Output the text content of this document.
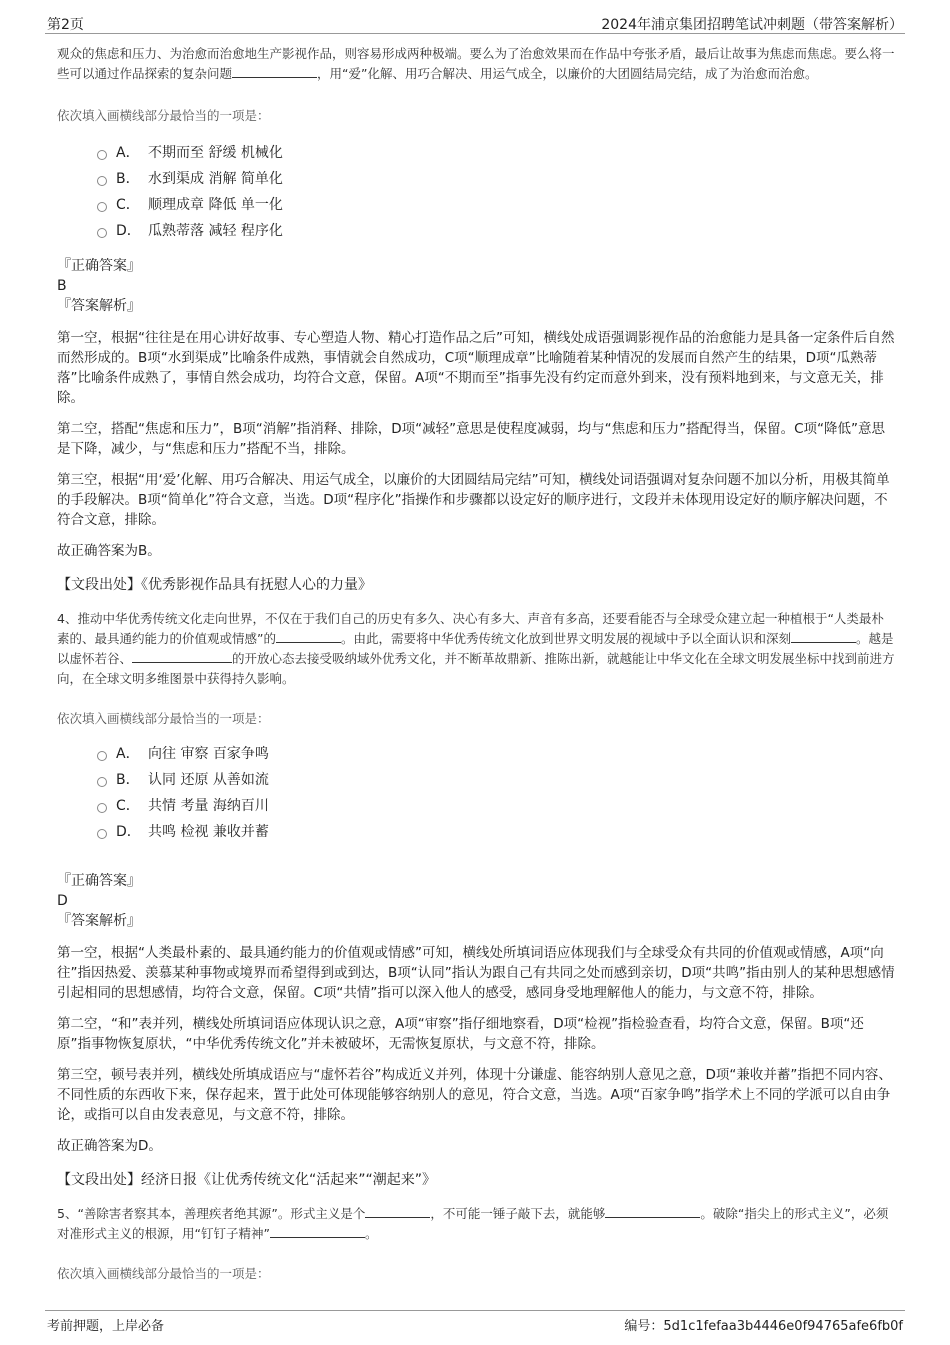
第2页	2024年浦京集团招聘笔试冲刺题（带答案解析）
观众的焦虑和压力、为治愈而治愈地生产影视作品，则容易形成两种极端。要么为了治愈效果而在作品中夸张矛盾，最后让故事为焦虑而焦虑。要么将一些可以通过作品探索的复杂问题	，用“爱”化解、用巧合解决、用运气成全，以廉价的大团圆结局完结，成了为治愈而治愈。
依次填入画横线部分最恰当的一项是：
A． 不期而至 舒缓 机械化
B． 水到渠成 消解 简单化
C． 顺理成章 降低 单一化
D． 瓜熟蒂落 减轻 程序化
『正确答案』
B
『答案解析』
第一空，根据“往往是在用心讲好故事、专心塑造人物、精心打造作品之后”可知，横线处成语强调影视作品的治愈能力是具备一定条件后自然而然形成的。B项“水到渠成”比喻条件成熟，事情就会自然成功，C项“顺理成章”比喻随着某种情况的发展而自然产生的结果，D项“瓜熟蒂落”比喻条件成熟了，事情自然会成功，均符合文意，保留。A项“不期而至”指事先没有约定而意外到来，没有预料地到来，与文意无关，排除。
第二空，搭配“焦虑和压力”，B项“消解”指消释、排除，D项“减轻”意思是使程度减弱，均与“焦虑和压力”搭配得当，保留。C项“降低”意思是下降，减少，与“焦虑和压力”搭配不当，排除。
第三空，根据“用‘爱’化解、用巧合解决、用运气成全，以廉价的大团圆结局完结”可知，横线处词语强调对复杂问题不加以分析，用极其简单的手段解决。B项“简单化”符合文意，当选。D项“程序化”指操作和步骤都以设定好的顺序进行，文段并未体现用设定好的顺序解决问题，不符合文意，排除。
故正确答案为B。
【文段出处】《优秀影视作品具有抚慰人心的力量》
4、推动中华优秀传统文化走向世界，不仅在于我们自己的历史有多久、决心有多大、声音有多高，还要看能否与全球受众建立起一种植根于“人类最朴素的、最具通约能力的价值观或情感”的	。由此，需要将中华优秀传统文化放到世界文明发展的视域中予以全面认识和深刻	。越是以虚怀若谷、	的开放心态去接受吸纳域外优秀文化，并不断革故鼎新、推陈出新，就越能让中华文化在全球文明发展坐标中找到前进方向，在全球文明多维图景中获得持久影响。
依次填入画横线部分最恰当的一项是：
A． 向往 审察 百家争鸣
B． 认同 还原 从善如流
C． 共情 考量 海纳百川
D． 共鸣 检视 兼收并蓄
『正确答案』
D
『答案解析』
第一空，根据“人类最朴素的、最具通约能力的价值观或情感”可知，横线处所填词语应体现我们与全球受众有共同的价值观或情感，A项“向往”指因热爱、羡慕某种事物或境界而希望得到或到达，B项“认同”指认为跟自己有共同之处而感到亲切，D项“共鸣”指由别人的某种思想感情引起相同的思想感情，均符合文意，保留。C项“共情”指可以深入他人的感受，感同身受地理解他人的能力，与文意不符，排除。
第二空，“和”表并列，横线处所填词语应体现认识之意，A项“审察”指仔细地察看，D项“检视”指检验查看，均符合文意，保留。B项“还原”指事物恢复原状，“中华优秀传统文化”并未被破坏，无需恢复原状，与文意不符，排除。
第三空，顿号表并列，横线处所填成语应与“虚怀若谷”构成近义并列，体现十分谦虚、能容纳别人意见之意，D项“兼收并蓄”指把不同内容、不同性质的东西收下来，保存起来，置于此处可体现能够容纳别人的意见，符合文意，当选。A项“百家争鸣”指学术上不同的学派可以自由争论，或指可以自由发表意见，与文意不符，排除。
故正确答案为D。
【文段出处】经济日报《让优秀传统文化“活起来”“潮起来”》
5、“善除害者察其本，善理疾者绝其源”。形式主义是个	，不可能一锤子敲下去，就能够	。破除“指尖上的形式主义”，必须对准形式主义的根源，用“钉钉子精神”	。
依次填入画横线部分最恰当的一项是：
考前押题，上岸必备	编号：5d1c1fefaa3b4446e0f94765afe6fb0f
